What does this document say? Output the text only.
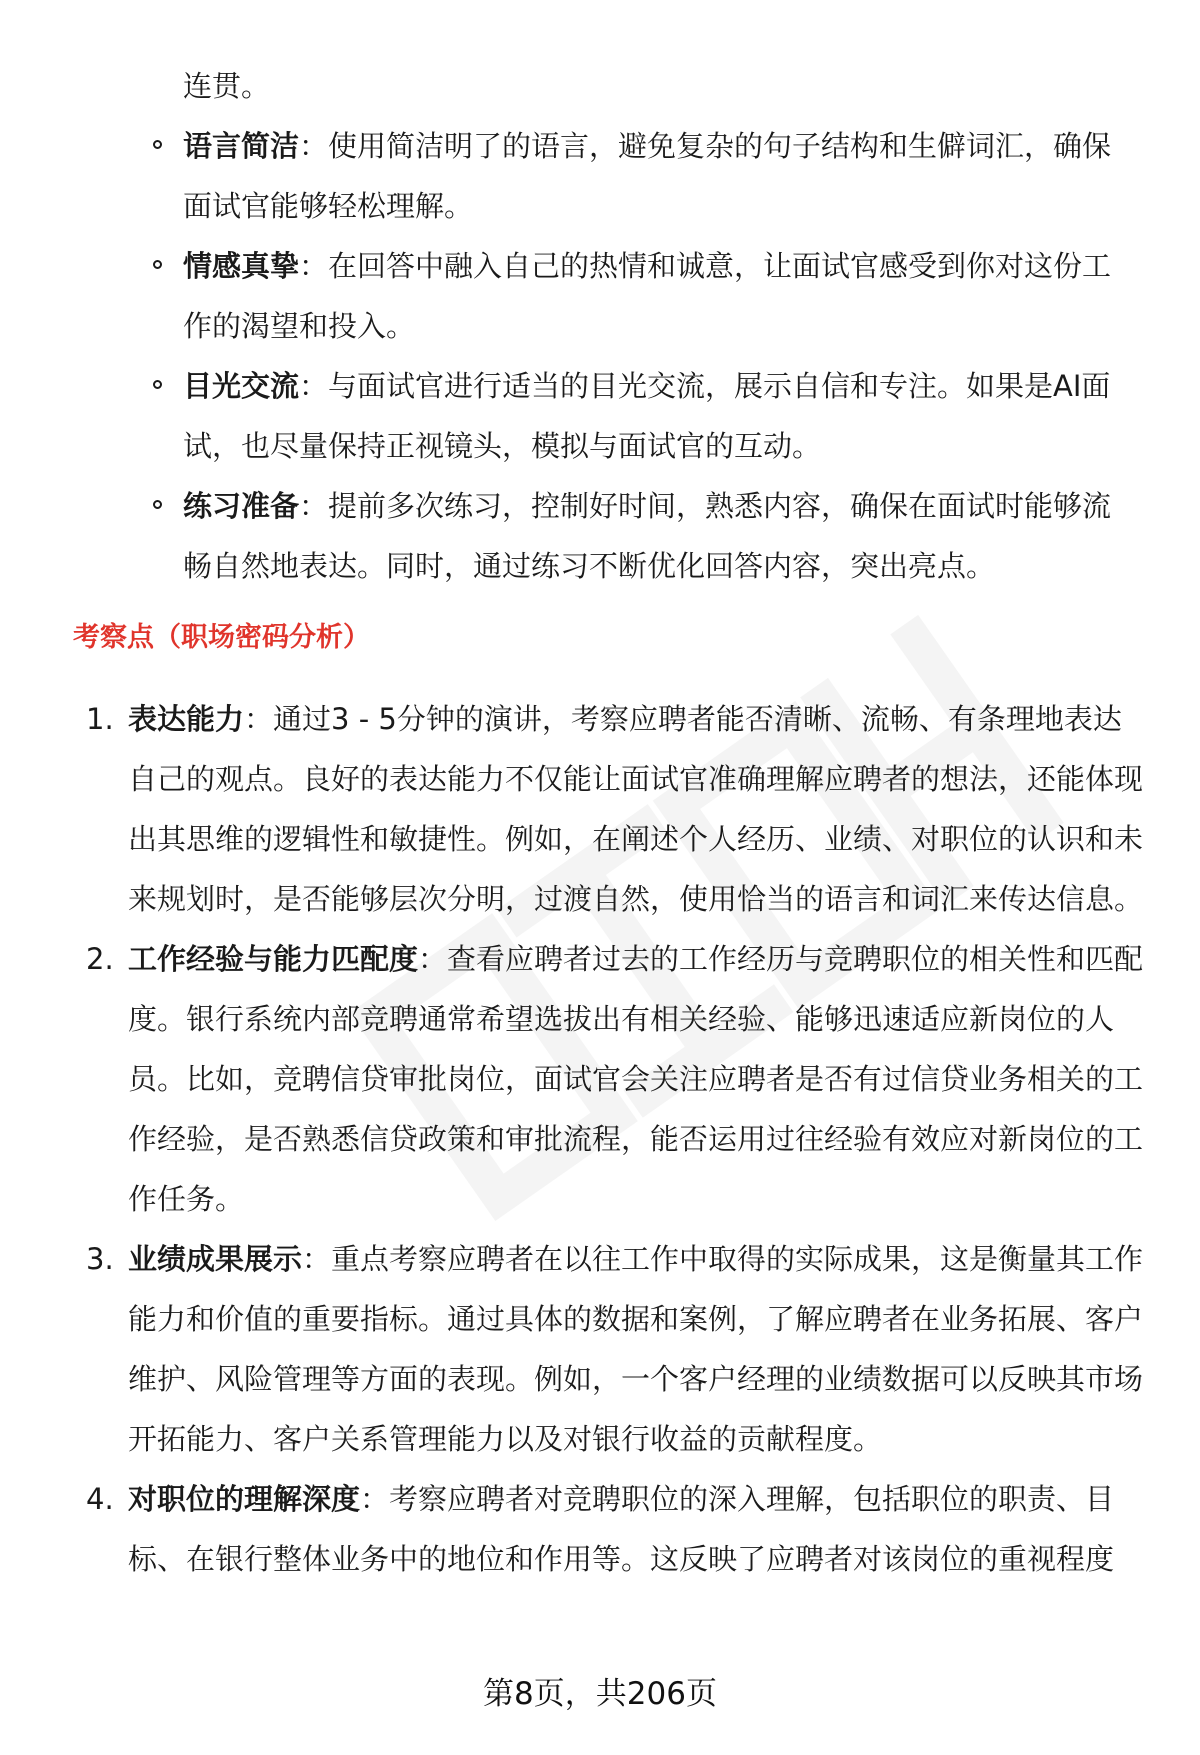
连贯。
语言简洁：使用简洁明了的语言，避免复杂的句子结构和生僻词汇，确保面试官能够轻松理解。
情感真挚：在回答中融入自己的热情和诚意，让面试官感受到你对这份工作的渴望和投入。
目光交流：与面试官进行适当的目光交流，展示自信和专注。如果是AI面试，也尽量保持正视镜头，模拟与面试官的互动。
练习准备：提前多次练习，控制好时间，熟悉内容，确保在面试时能够流畅自然地表达。同时，通过练习不断优化回答内容，突出亮点。
考察点（职场密码分析）
1. 表达能力：通过3 - 5分钟的演讲，考察应聘者能否清晰、流畅、有条理地表达自己的观点。良好的表达能力不仅能让面试官准确理解应聘者的想法，还能体现出其思维的逻辑性和敏捷性。例如，在阐述个人经历、业绩、对职位的认识和未来规划时，是否能够层次分明，过渡自然，使用恰当的语言和词汇来传达信息。
2. 工作经验与能力匹配度：查看应聘者过去的工作经历与竞聘职位的相关性和匹配度。银行系统内部竞聘通常希望选拔出有相关经验、能够迅速适应新岗位的人员。比如，竞聘信贷审批岗位，面试官会关注应聘者是否有过信贷业务相关的工作经验，是否熟悉信贷政策和审批流程，能否运用过往经验有效应对新岗位的工作任务。
3. 业绩成果展示：重点考察应聘者在以往工作中取得的实际成果，这是衡量其工作能力和价值的重要指标。通过具体的数据和案例，了解应聘者在业务拓展、客户维护、风险管理等方面的表现。例如，一个客户经理的业绩数据可以反映其市场开拓能力、客户关系管理能力以及对银行收益的贡献程度。
4. 对职位的理解深度：考察应聘者对竞聘职位的深入理解，包括职位的职责、目标、在银行整体业务中的地位和作用等。这反映了应聘者对该岗位的重视程度
第8页，共206页
